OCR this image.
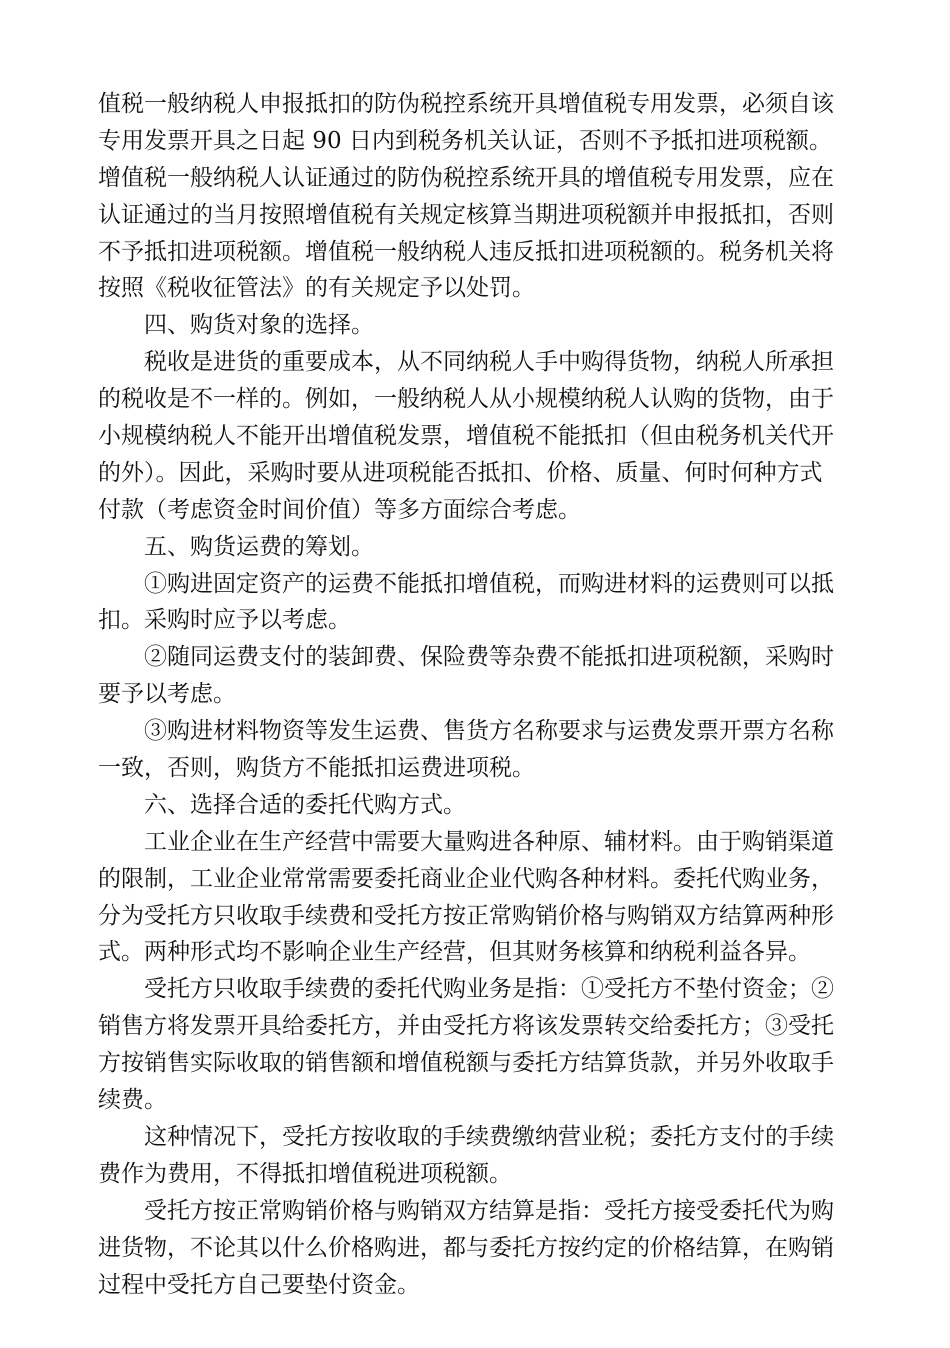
值税一般纳税人申报抵扣的防伪税控系统开具增值税专用发票，必须自该
专用发票开具之日起 90 日内到税务机关认证，否则不予抵扣进项税额。
增值税一般纳税人认证通过的防伪税控系统开具的增值税专用发票，应在
认证通过的当月按照增值税有关规定核算当期进项税额并申报抵扣，否则
不予抵扣进项税额。增值税一般纳税人违反抵扣进项税额的。税务机关将
按照《税收征管法》的有关规定予以处罚。
四、购货对象的选择。
税收是进货的重要成本，从不同纳税人手中购得货物，纳税人所承担
的税收是不一样的。例如，一般纳税人从小规模纳税人认购的货物，由于
小规模纳税人不能开出增值税发票，增值税不能抵扣（但由税务机关代开
的外）。因此，采购时要从进项税能否抵扣、价格、质量、何时何种方式
付款（考虑资金时间价值）等多方面综合考虑。
五、购货运费的筹划。
①购进固定资产的运费不能抵扣增值税，而购进材料的运费则可以抵
扣。采购时应予以考虑。
②随同运费支付的装卸费、保险费等杂费不能抵扣进项税额，采购时
要予以考虑。
③购进材料物资等发生运费、售货方名称要求与运费发票开票方名称
一致，否则，购货方不能抵扣运费进项税。
六、选择合适的委托代购方式。
工业企业在生产经营中需要大量购进各种原、辅材料。由于购销渠道
的限制，工业企业常常需要委托商业企业代购各种材料。委托代购业务，
分为受托方只收取手续费和受托方按正常购销价格与购销双方结算两种形
式。两种形式均不影响企业生产经营，但其财务核算和纳税利益各异。
受托方只收取手续费的委托代购业务是指：①受托方不垫付资金；②
销售方将发票开具给委托方，并由受托方将该发票转交给委托方；③受托
方按销售实际收取的销售额和增值税额与委托方结算货款，并另外收取手
续费。
这种情况下，受托方按收取的手续费缴纳营业税；委托方支付的手续
费作为费用，不得抵扣增值税进项税额。
受托方按正常购销价格与购销双方结算是指：受托方接受委托代为购
进货物，不论其以什么价格购进，都与委托方按约定的价格结算，在购销
过程中受托方自己要垫付资金。
